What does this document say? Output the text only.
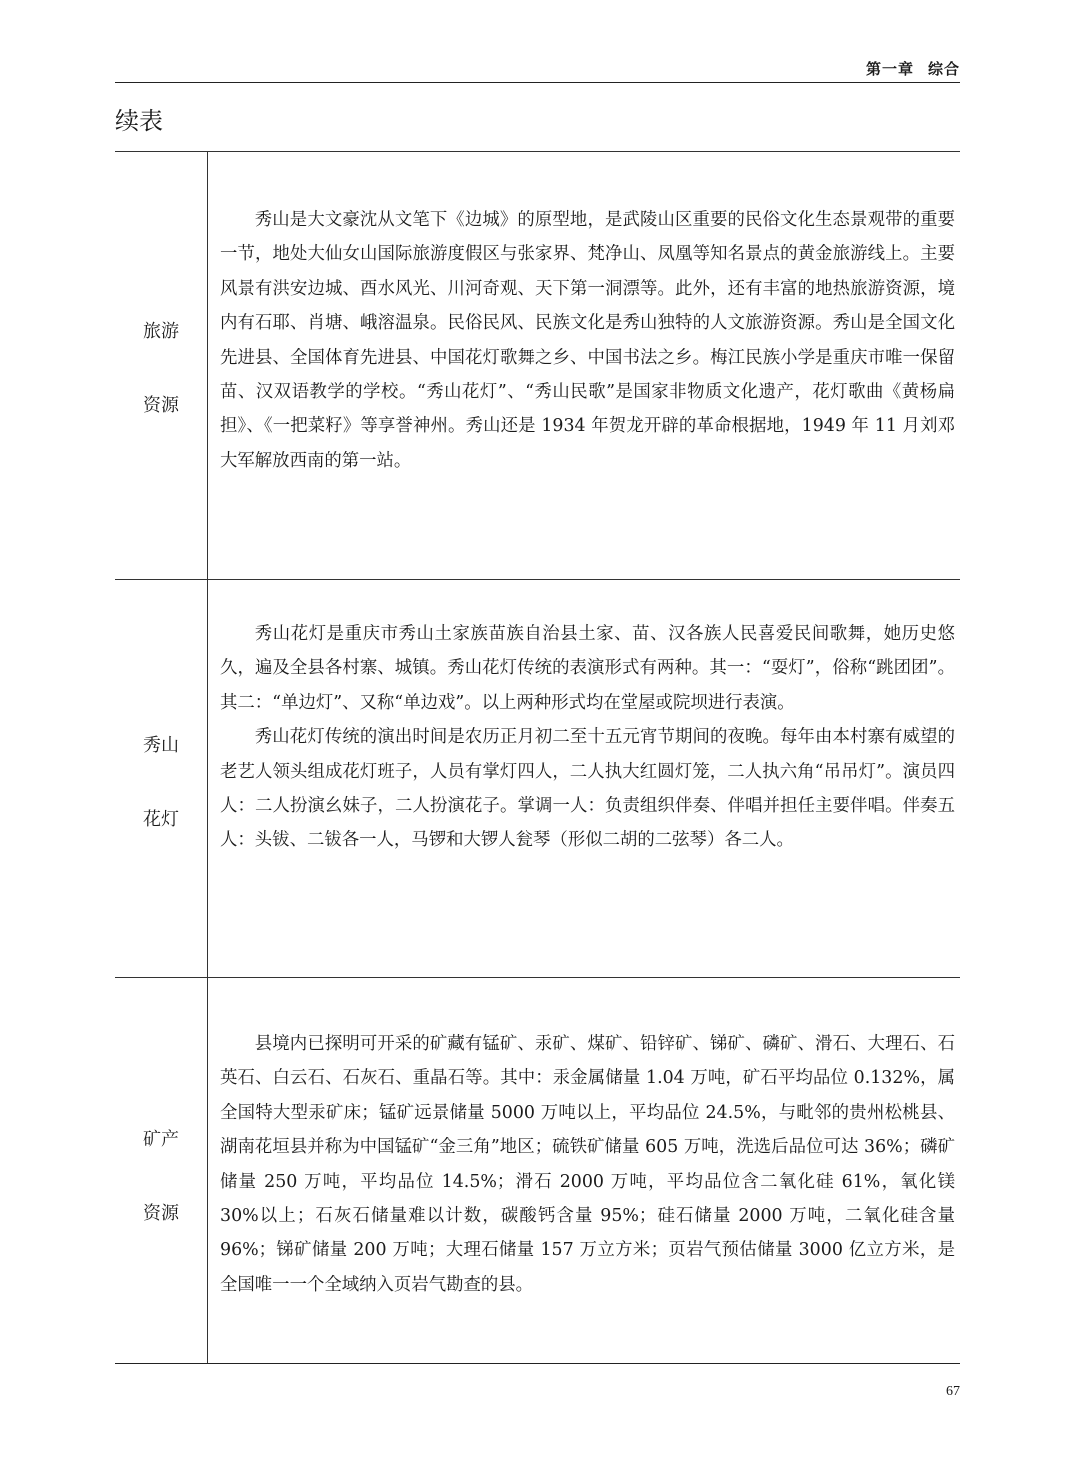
第一章 综合
续表
旅游
资源

秀山是大文豪沈从文笔下《边城》的原型地，是武陵山区重要的民俗文化生态景观带的重要一节，地处大仙女山国际旅游度假区与张家界、梵净山、凤凰等知名景点的黄金旅游线上。主要风景有洪安边城、酉水风光、川河奇观、天下第一洞漂等。此外，还有丰富的地热旅游资源，境内有石耶、肖塘、峨溶温泉。民俗民风、民族文化是秀山独特的人文旅游资源。秀山是全国文化先进县、全国体育先进县、中国花灯歌舞之乡、中国书法之乡。梅江民族小学是重庆市唯一保留苗、汉双语教学的学校。“秀山花灯”、“秀山民歌”是国家非物质文化遗产，花灯歌曲《黄杨扁担》、《一把菜籽》等享誉神州。秀山还是 1934 年贺龙开辟的革命根据地，1949 年 11 月刘邓大军解放西南的第一站。

秀山
花灯

秀山花灯是重庆市秀山土家族苗族自治县土家、苗、汉各族人民喜爱民间歌舞，她历史悠久，遍及全县各村寨、城镇。秀山花灯传统的表演形式有两种。其一：“耍灯”，俗称“跳团团”。其二：“单边灯”、又称“单边戏”。以上两种形式均在堂屋或院坝进行表演。

秀山花灯传统的演出时间是农历正月初二至十五元宵节期间的夜晚。每年由本村寨有威望的老艺人领头组成花灯班子，人员有掌灯四人，二人执大红圆灯笼，二人执六角“吊吊灯”。演员四人：二人扮演幺妹子，二人扮演花子。掌调一人：负责组织伴奏、伴唱并担任主要伴唱。伴奏五人：头钹、二钹各一人，马锣和大锣人瓮琴（形似二胡的二弦琴）各二人。

矿产
资源

县境内已探明可开采的矿藏有锰矿、汞矿、煤矿、铅锌矿、锑矿、磷矿、滑石、大理石、石英石、白云石、石灰石、重晶石等。其中：汞金属储量 1.04 万吨，矿石平均品位 0.132%，属全国特大型汞矿床；锰矿远景储量 5000 万吨以上，平均品位 24.5%，与毗邻的贵州松桃县、湖南花垣县并称为中国锰矿“金三角”地区；硫铁矿储量 605 万吨，洗选后品位可达 36%；磷矿储量 250 万吨，平均品位 14.5%；滑石 2000 万吨，平均品位含二氧化硅 61%，氧化镁 30%以上；石灰石储量难以计数，碳酸钙含量 95%；硅石储量 2000 万吨，二氧化硅含量 96%；锑矿储量 200 万吨；大理石储量 157 万立方米；页岩气预估储量 3000 亿立方米，是全国唯一一个全域纳入页岩气勘查的县。

67
